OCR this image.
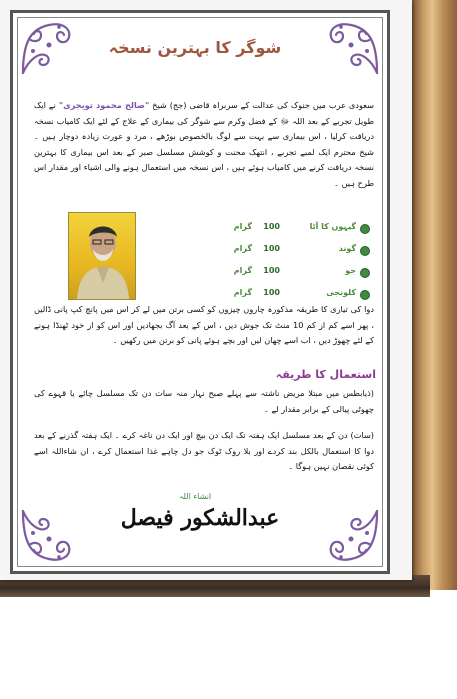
شوگر کا بہترین نسخہ
سعودی عرب میں جنوک کی عدالت کے سربراہ قاضی (جج) شیخ "صالح محمود تویجری" نے ایک طویل تجربے کے بعد اللہ ﷻ کے فضل وکرم سے شوگر کی بیماری کے علاج کے لئے ایک کامیاب نسخہ دریافت کرلیا ، اس بیماری سے بہت سے لوگ بالخصوص بوڑھے ، مرد و عورت زیادہ دوچار ہیں ۔ شیخ محترم ایک لمبے تجربے ، انتھک محنت و کوشش مسلسل صبر کے بعد اس بیماری کا بہترین نسخہ دریافت کرنے میں کامیاب ہوئے ہیں ، اس نسخہ میں استعمال ہونے والی اشیاء اور مقدار اس طرح ہیں ۔
گیہوں کا آٹا
100
گرام
گوند
100
گرام
جو
100
گرام
کلونجی
100
گرام
دوا کی تیاری کا طریقہ مذکورہ چاروں چیزوں کو کسی برتن میں لے کر اس میں پانچ کپ پانی ڈالیں ، پھر اسے کم از کم 10 منٹ تک جوش دیں ، اس کے بعد آگ بجھادیں اور اس کو از خود ٹھنڈا ہونے کے لئے چھوڑ دیں ، اب اسے چھان لیں اور بچے ہوئے پانی کو برتن میں رکھیں ۔
استعمال کا طریقہ
(ذیابطس میں مبتلا مریض ناشتہ سے پہلے صبح نہار منہ سات دن تک مسلسل چائے یا قہوے کی چھوٹی پیالی کے برابر مقدار لے ۔
(سات) دن کے بعد مسلسل ایک ہفتہ تک ایک دن بیچ اور ایک دن ناغہ کرے ۔ ایک ہفتہ گذرنے کے بعد دوا کا استعمال بالکل بند کردے اور بلا روک ٹوک جو دل چاہے غذا استعمال کرے ، ان شاءاللہ اسے کوئی نقصان نہیں ہوگا ۔
انشاء اللہ
عبدالشکور فیصل
